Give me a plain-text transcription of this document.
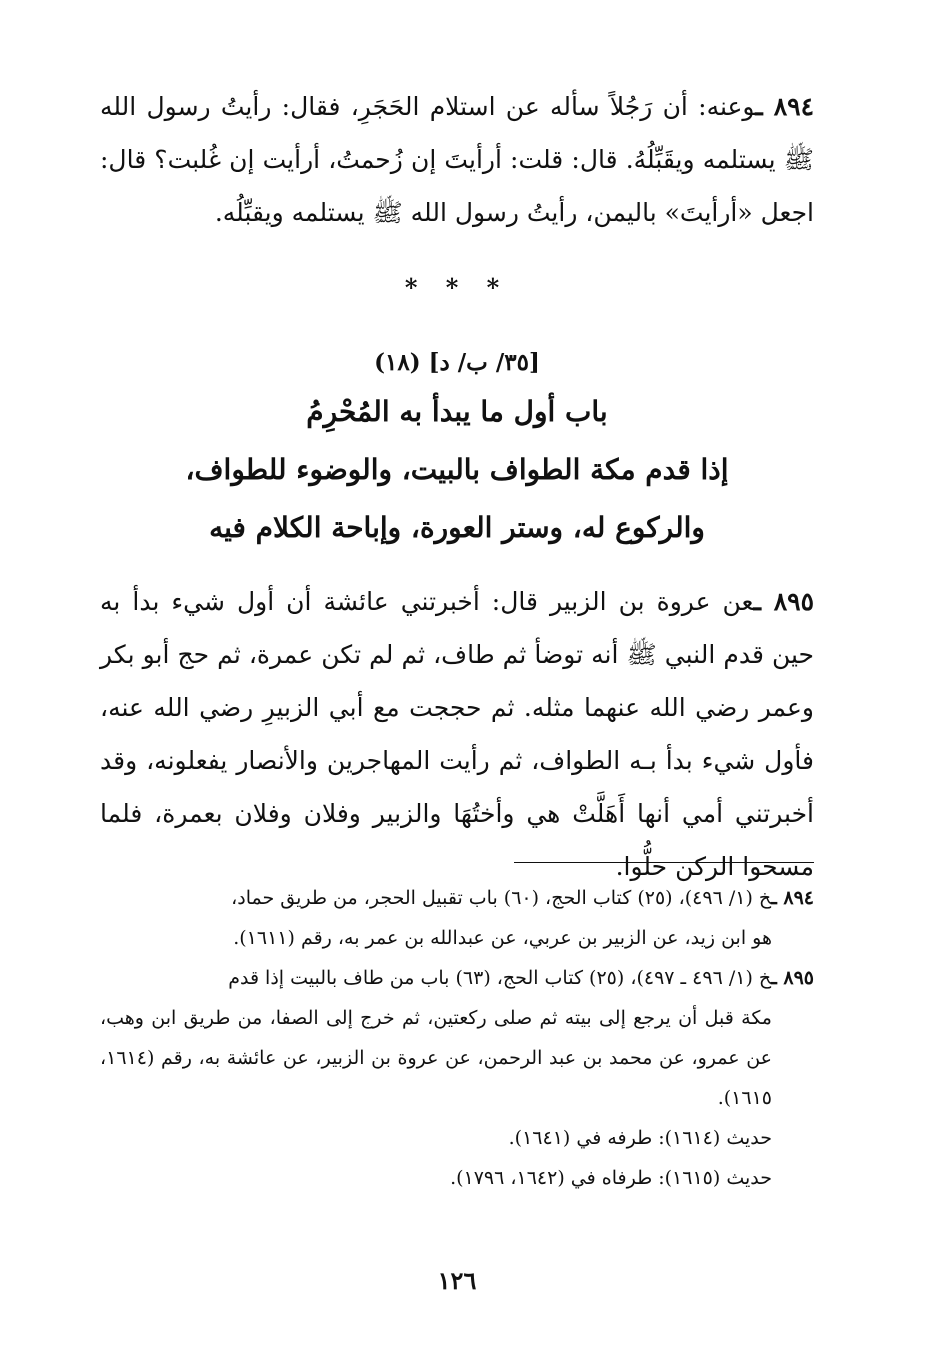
٨٩٤ ـوعنه: أن رَجُلاً سأله عن استلام الحَجَرِ، فقال: رأيتُ رسول الله ﷺ يستلمه ويقَبِّلُهُ. قال: قلت: أرأيتَ إن زُحمتُ، أرأيت إن غُلبت؟ قال: اجعل «أرأيتَ» باليمن، رأيتُ رسول الله ﷺ يستلمه ويقبِّلُه.

* * *
[٣٥/ ب/ د] (١٨)
باب أول ما يبدأ به المُحْرِمُ
إذا قدم مكة الطواف بالبيت، والوضوء للطواف،
والركوع له، وستر العورة، وإباحة الكلام فيه

٨٩٥ ـعن عروة بن الزبير قال: أخبرتني عائشة أن أول شيء بدأ به حين قدم النبي ﷺ أنه توضأ ثم طاف، ثم لم تكن عمرة، ثم حج أبو بكر وعمر رضي الله عنهما مثله. ثم حججت مع أبي الزبيرِ رضي الله عنه، فأول شيء بدأ بـه الطواف، ثم رأيت المهاجرين والأنصار يفعلونه، وقد أخبرتني أمي أنها أَهَلَّتْ هي وأختُهَا والزبير وفلان وفلان بعمرة، فلما مسحوا الركن حلُّوا.

٨٩٤ ـخ (١/ ٤٩٦)، (٢٥) كتاب الحج، (٦٠) باب تقبيل الحجر، من طريق حماد،
هو ابن زيد، عن الزبير بن عربي، عن عبدالله بن عمر به، رقم (١٦١١).
٨٩٥ ـخ (١/ ٤٩٦ ـ ٤٩٧)، (٢٥) كتاب الحج، (٦٣) باب من طاف بالبيت إذا قدم
مكة قبل أن يرجع إلى بيته ثم صلى ركعتين، ثم خرج إلى الصفا، من طريق ابن وهب، عن عمرو، عن محمد بن عبد الرحمن، عن عروة بن الزبير، عن عائشة به، رقم (١٦١٤، ١٦١٥).
حديث (١٦١٤): طرفه في (١٦٤١).
حديث (١٦١٥): طرفاه في (١٦٤٢، ١٧٩٦).
١٢٦
